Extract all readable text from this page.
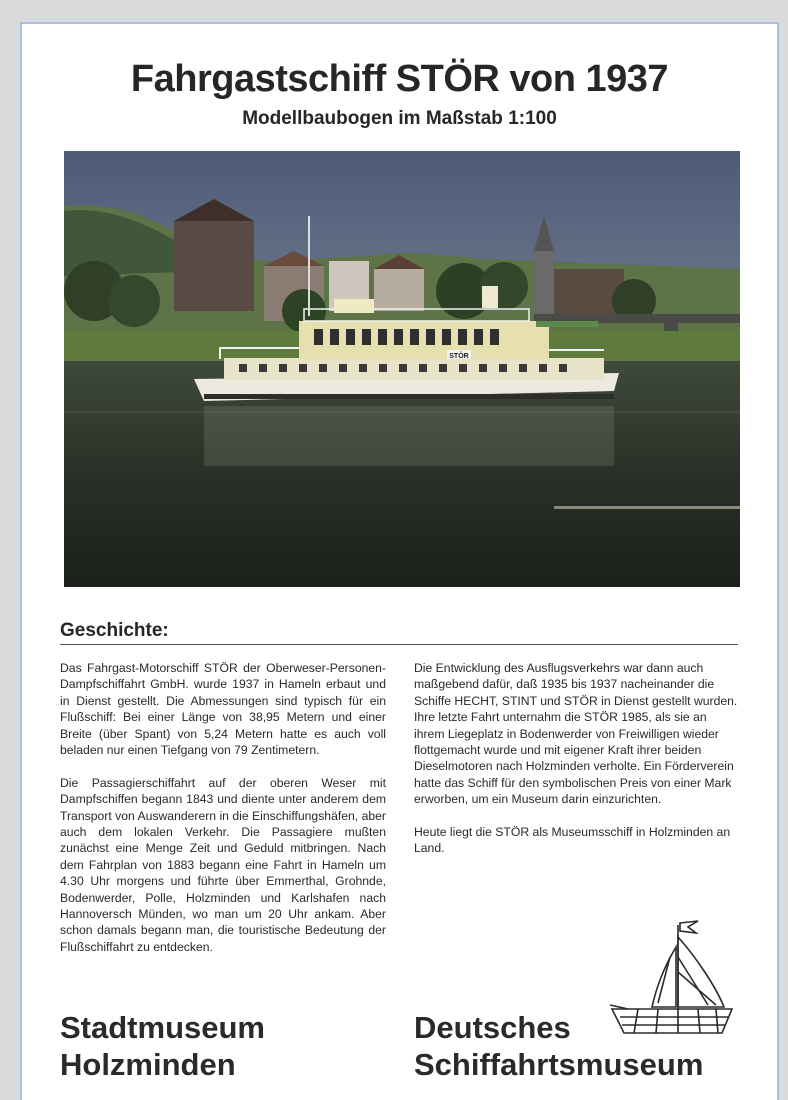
Fahrgastschiff STÖR von 1937
Modellbaubogen im Maßstab 1:100
STÖR
Geschichte:

Das Fahrgast-Motorschiff STÖR der Oberweser-Personen-Dampfschiffahrt GmbH. wurde 1937 in Hameln erbaut und in Dienst gestellt. Die Abmessungen sind typisch für ein Flußschiff: Bei einer Länge von 38,95 Metern und einer Breite (über Spant) von 5,24 Metern hatte es auch voll beladen nur einen Tiefgang von 79 Zentimetern.

Die Passagierschiffahrt auf der oberen Weser mit Dampfschiffen begann 1843 und diente unter anderem dem Transport von Auswanderern in die Einschiffungshäfen, aber auch dem lokalen Verkehr. Die Passagiere mußten zunächst eine Menge Zeit und Geduld mitbringen. Nach dem Fahrplan von 1883 begann eine Fahrt in Hameln um 4.30 Uhr morgens und führte über Emmerthal, Grohnde, Bodenwerder, Polle, Holzminden und Karlshafen nach Hannoversch Münden, wo man um 20 Uhr ankam. Aber schon damals begann man, die touristische Bedeutung der Flußschiffahrt zu entdecken.

Die Entwicklung des Ausflugsverkehrs war dann auch maßgebend dafür, daß 1935 bis 1937 nacheinander die Schiffe HECHT, STINT und STÖR in Dienst gestellt wurden. Ihre letzte Fahrt unternahm die STÖR 1985, als sie an ihrem Liegeplatz in Bodenwerder von Freiwilligen wieder flottgemacht wurde und mit eigener Kraft ihrer beiden Dieselmotoren nach Holzminden verholte. Ein Förderverein hatte das Schiff für den symbolischen Preis von einer Mark erworben, um ein Museum darin einzurichten.

Heute liegt die STÖR als Museumsschiff in Holzminden an Land.

Stadtmuseum
Holzminden
Deutsches
Schiffahrtsmuseum
